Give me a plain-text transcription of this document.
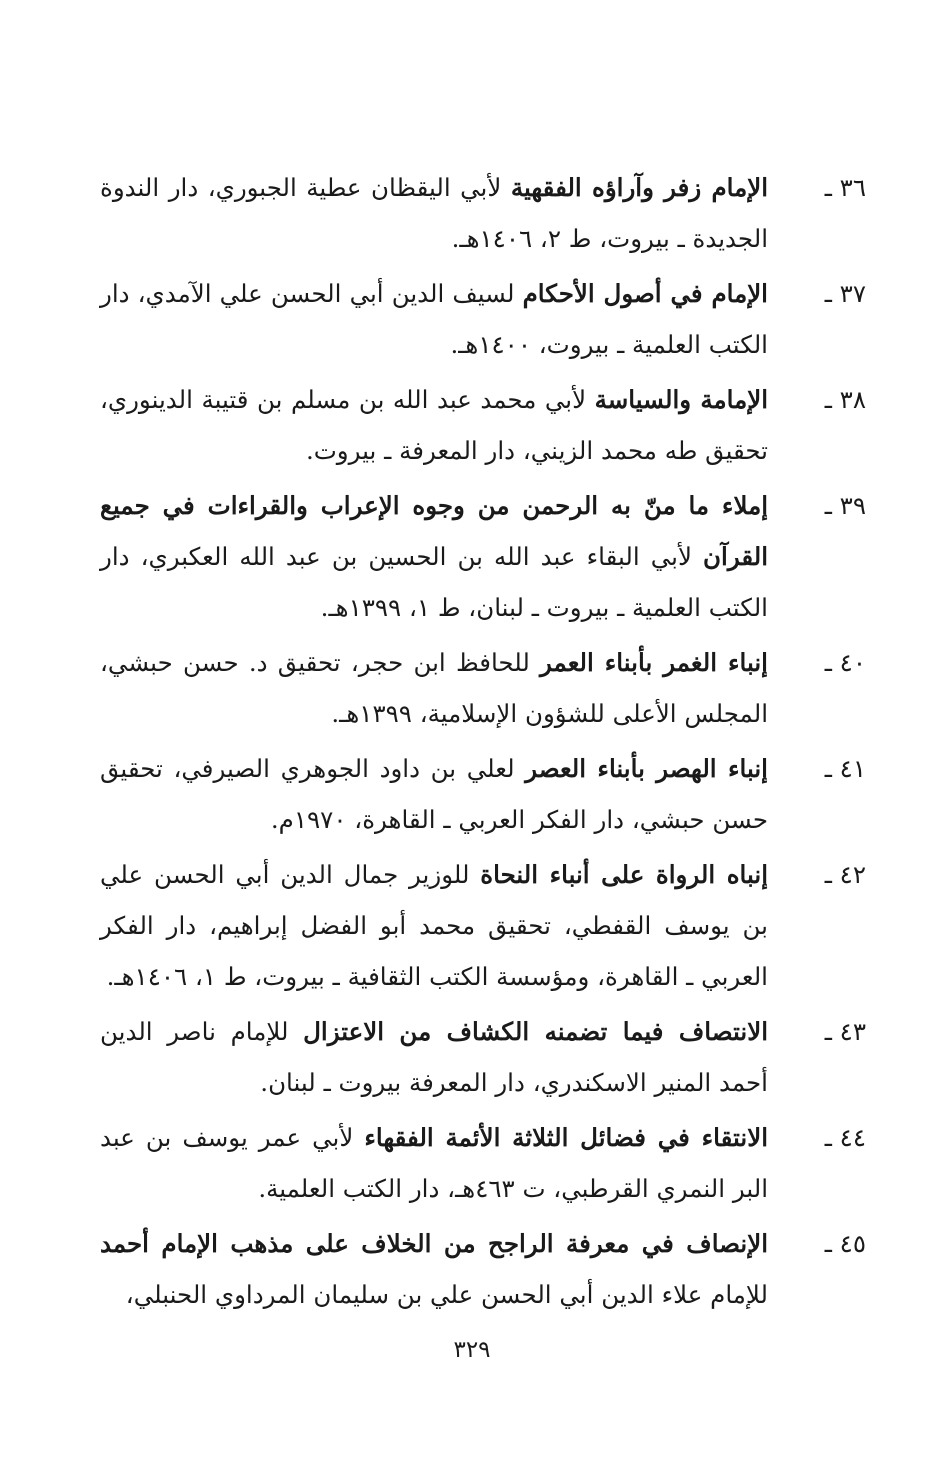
٣٦ ـ
الإمام زفر وآراؤه الفقهية لأبي اليقظان عطية الجبوري، دار الندوة الجديدة ـ بيروت، ط ٢، ١٤٠٦هـ.
٣٧ ـ
الإمام في أصول الأحكام لسيف الدين أبي الحسن علي الآمدي، دار الكتب العلمية ـ بيروت، ١٤٠٠هـ.
٣٨ ـ
الإمامة والسياسة لأبي محمد عبد الله بن مسلم بن قتيبة الدينوري، تحقيق طه محمد الزيني، دار المعرفة ـ بيروت.
٣٩ ـ
إملاء ما منّ به الرحمن من وجوه الإعراب والقراءات في جميع القرآن لأبي البقاء عبد الله بن الحسين بن عبد الله العكبري، دار الكتب العلمية ـ بيروت ـ لبنان، ط ١، ١٣٩٩هـ.
٤٠ ـ
إنباء الغمر بأبناء العمر للحافظ ابن حجر، تحقيق د. حسن حبشي، المجلس الأعلى للشؤون الإسلامية، ١٣٩٩هـ.
٤١ ـ
إنباء الهصر بأبناء العصر لعلي بن داود الجوهري الصيرفي، تحقيق حسن حبشي، دار الفكر العربي ـ القاهرة، ١٩٧٠م.
٤٢ ـ
إنباه الرواة على أنباء النحاة للوزير جمال الدين أبي الحسن علي بن يوسف القفطي، تحقيق محمد أبو الفضل إبراهيم، دار الفكر العربي ـ القاهرة، ومؤسسة الكتب الثقافية ـ بيروت، ط ١، ١٤٠٦هـ.
٤٣ ـ
الانتصاف فيما تضمنه الكشاف من الاعتزال للإمام ناصر الدين أحمد المنير الاسكندري، دار المعرفة بيروت ـ لبنان.
٤٤ ـ
الانتقاء في فضائل الثلاثة الأئمة الفقهاء لأبي عمر يوسف بن عبد البر النمري القرطبي، ت ٤٦٣هـ، دار الكتب العلمية.
٤٥ ـ
الإنصاف في معرفة الراجح من الخلاف على مذهب الإمام أحمد للإمام علاء الدين أبي الحسن علي بن سليمان المرداوي الحنبلي،
٣٢٩
